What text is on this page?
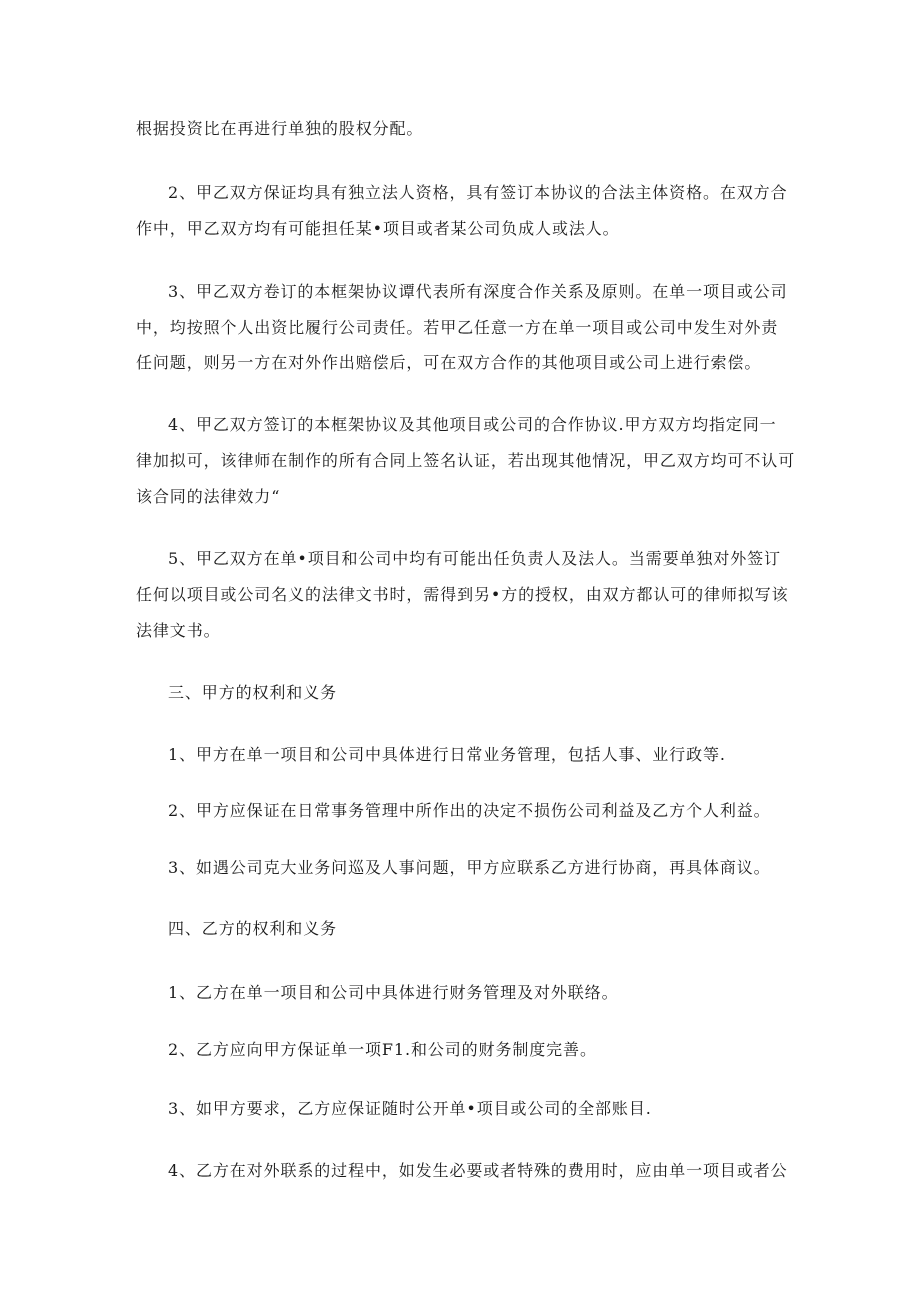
根据投资比在再进行单独的股权分配。
2、甲乙双方保证均具有独立法人资格，具有签订本协议的合法主体资格。在双方合
作中，甲乙双方均有可能担任某•项目或者某公司负成人或法人。
3、甲乙双方卷订的本框架协议谭代表所有深度合作关系及原则。在单一项目或公司
中，均按照个人出资比履行公司责任。若甲乙任意一方在单一项目或公司中发生对外责
任问题，则另一方在对外作出赔偿后，可在双方合作的其他项目或公司上进行索偿。
4、甲乙双方签订的本框架协议及其他项目或公司的合作协议.甲方双方均指定同一
律加拟可，该律师在制作的所有合同上签名认证，若出现其他情况，甲乙双方均可不认可
该合同的法律效力“
5、甲乙双方在单•项目和公司中均有可能出任负责人及法人。当需要单独对外签订
任何以项目或公司名义的法律文书时，需得到另•方的授权，由双方都认可的律师拟写该
法律文书。
三、甲方的权利和义务
1、甲方在单一项目和公司中具体进行日常业务管理，包括人事、业行政等.
2、甲方应保证在日常事务管理中所作出的决定不损伤公司利益及乙方个人利益。
3、如遇公司克大业务问巡及人事问题，甲方应联系乙方进行协商，再具体商议。
四、乙方的权利和义务
1、乙方在单一项目和公司中具体进行财务管理及对外联络。
2、乙方应向甲方保证单一项F1.和公司的财务制度完善。
3、如甲方要求，乙方应保证随时公开单•项目或公司的全部账目.
4、乙方在对外联系的过程中，如发生必要或者特殊的费用时，应由单一项目或者公
